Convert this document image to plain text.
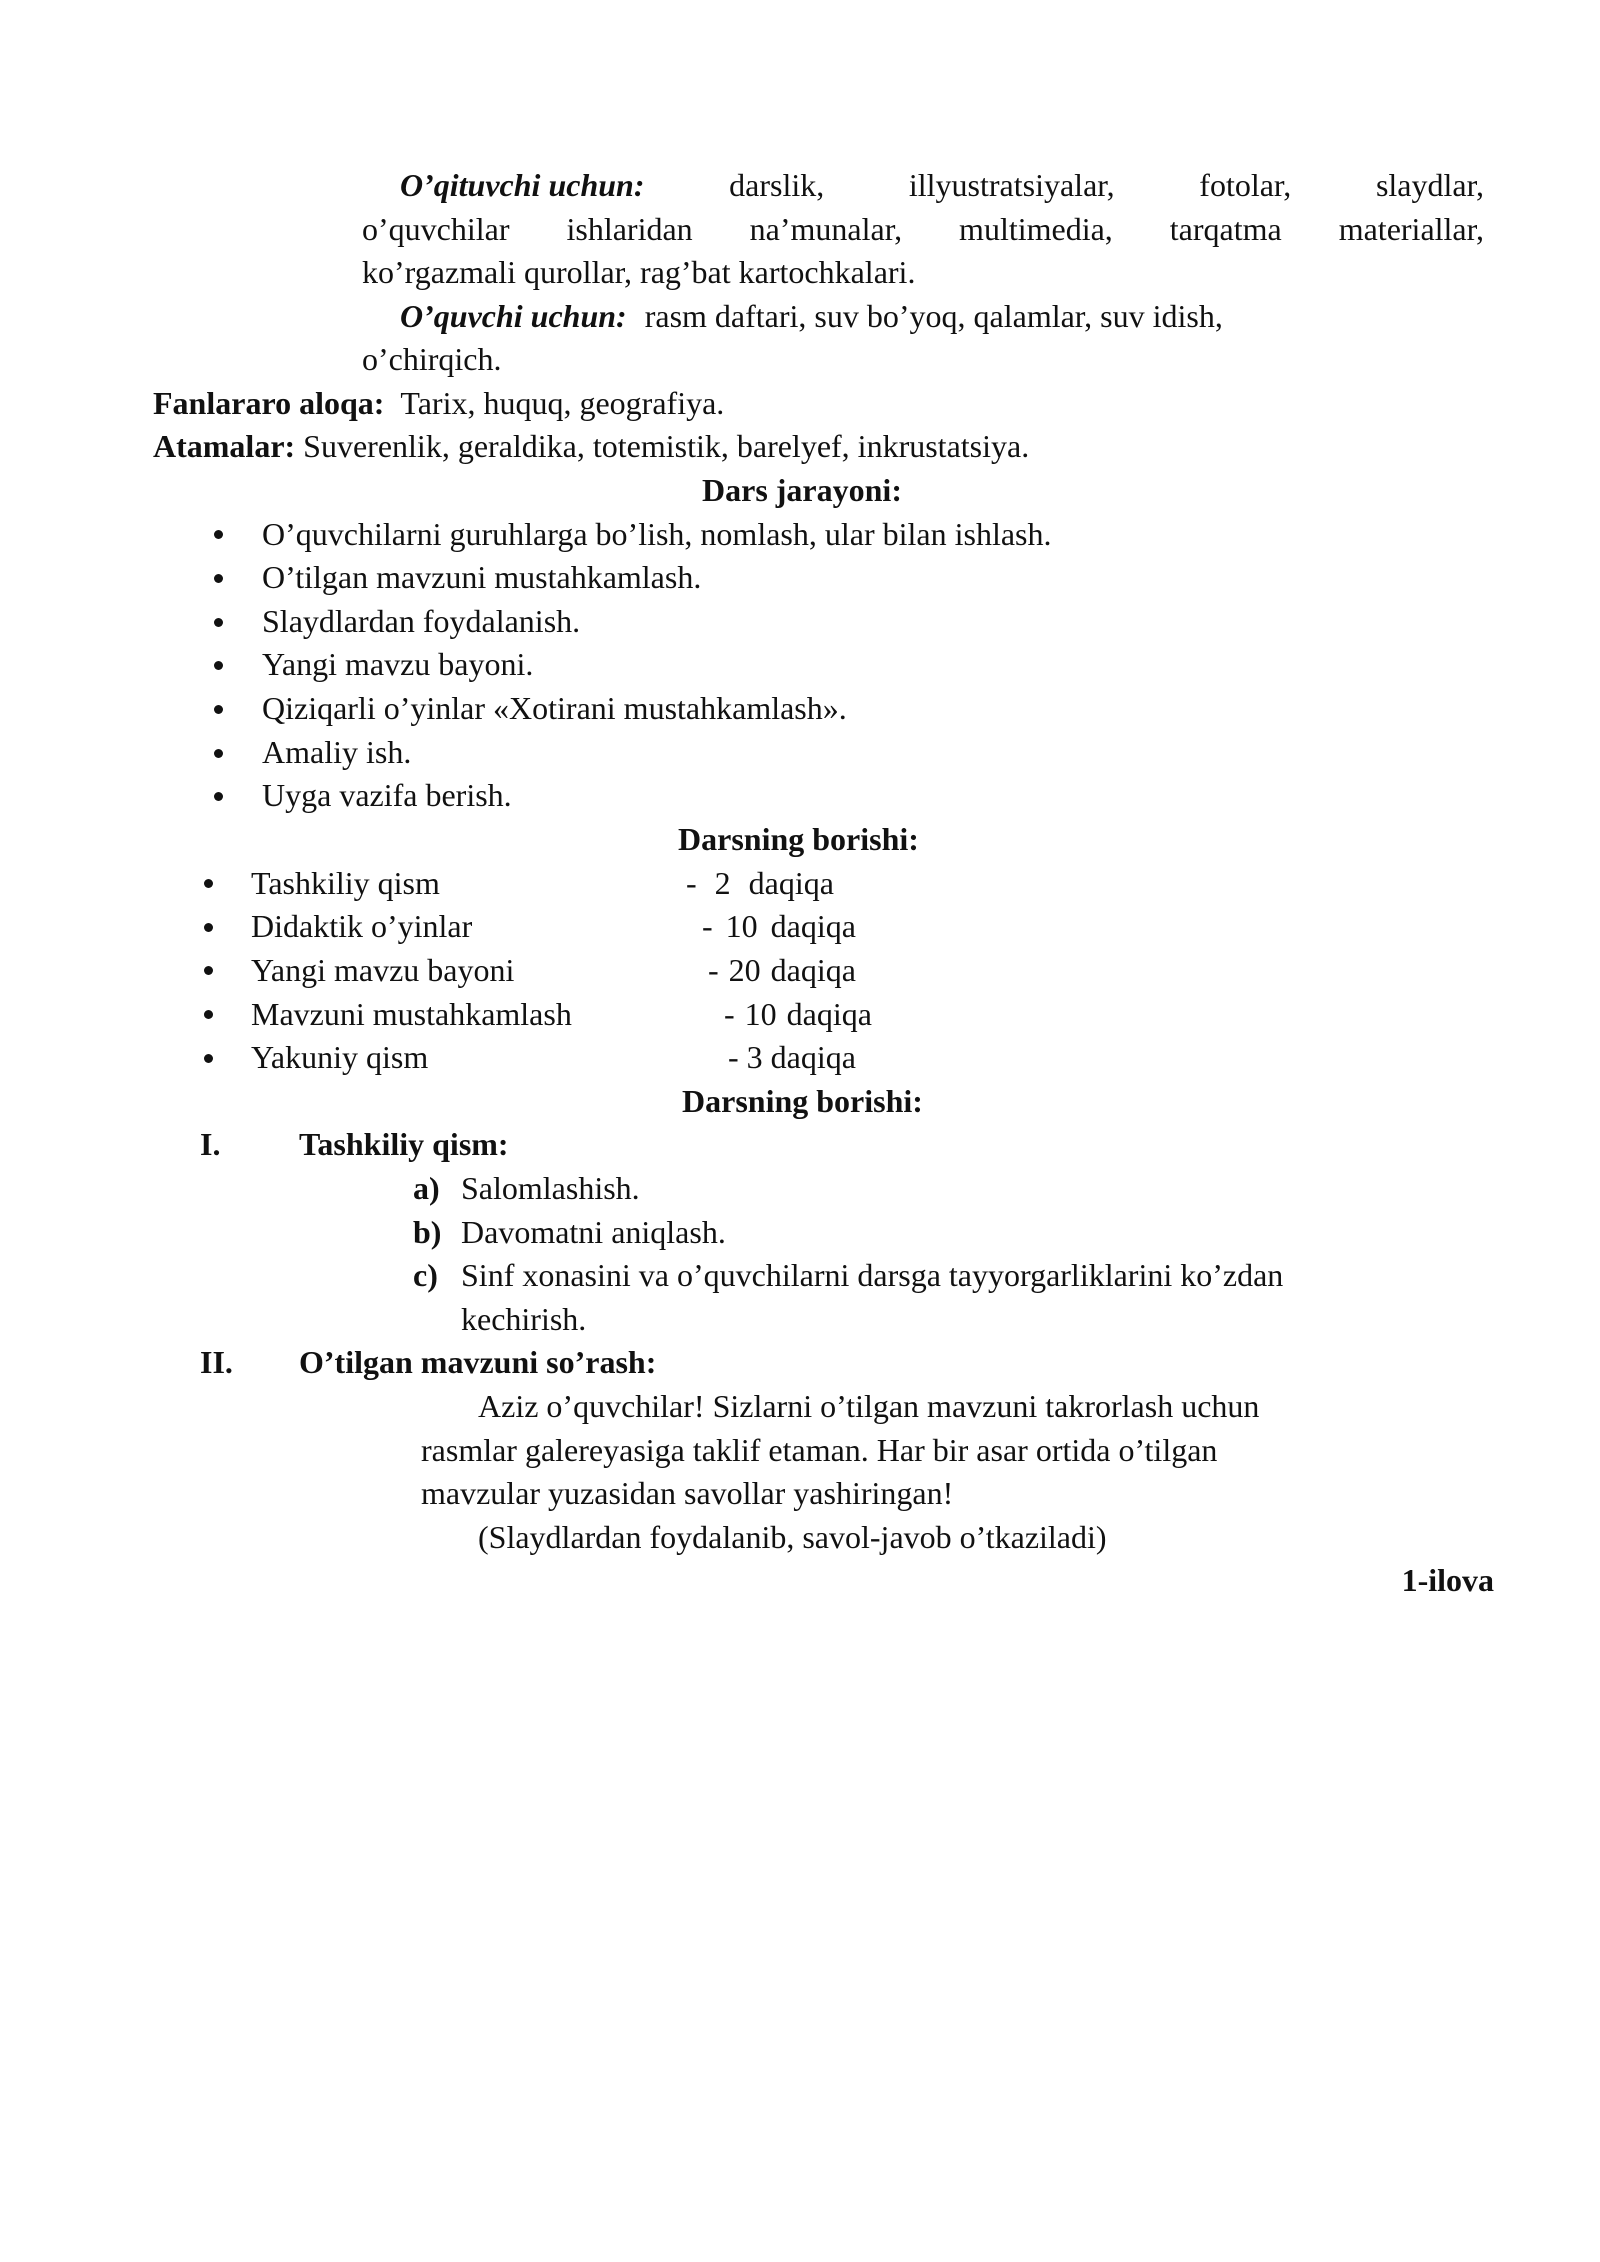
O’qituvchi uchun:	darslik,	illyustratsiyalar,	fotolar,	slaydlar,
o’quvchilar ishlaridan na’munalar, multimedia, tarqatma materiallar,
ko’rgazmali qurollar, rag’bat kartochkalari.
O’quvchi uchun: rasm daftari, suv bo’yoq, qalamlar, suv idish,
o’chirqich.
Fanlararo aloqa: Tarix, huquq, geografiya.
Atamalar: Suverenlik, geraldika, totemistik, barelyef, inkrustatsiya.
Dars jarayoni:
O’quvchilarni guruhlarga bo’lish, nomlash, ular bilan ishlash.
O’tilgan mavzuni mustahkamlash.
Slaydlardan foydalanish.
Yangi mavzu bayoni.
Qiziqarli o’yinlar «Xotirani mustahkamlash».
Amaliy ish.
Uyga vazifa berish.
Darsning borishi:
Tashkiliy qism	- 2 daqiqa
Didaktik o’yinlar	- 10 daqiqa
Yangi mavzu bayoni	- 20 daqiqa
Mavzuni mustahkamlash	- 10 daqiqa
Yakuniy qism	- 3 daqiqa
Darsning borishi:
I. Tashkiliy qism:
a) Salomlashish.
b) Davomatni aniqlash.
c) Sinf xonasini va o’quvchilarni darsga tayyorgarliklarini ko’zdan
kechirish.
II. O’tilgan mavzuni so’rash:
Aziz o’quvchilar! Sizlarni o’tilgan mavzuni takrorlash uchun
rasmlar galereyasiga taklif etaman. Har bir asar ortida o’tilgan
mavzular yuzasidan savollar yashiringan!
(Slaydlardan foydalanib, savol-javob o’tkaziladi)
1-ilova
